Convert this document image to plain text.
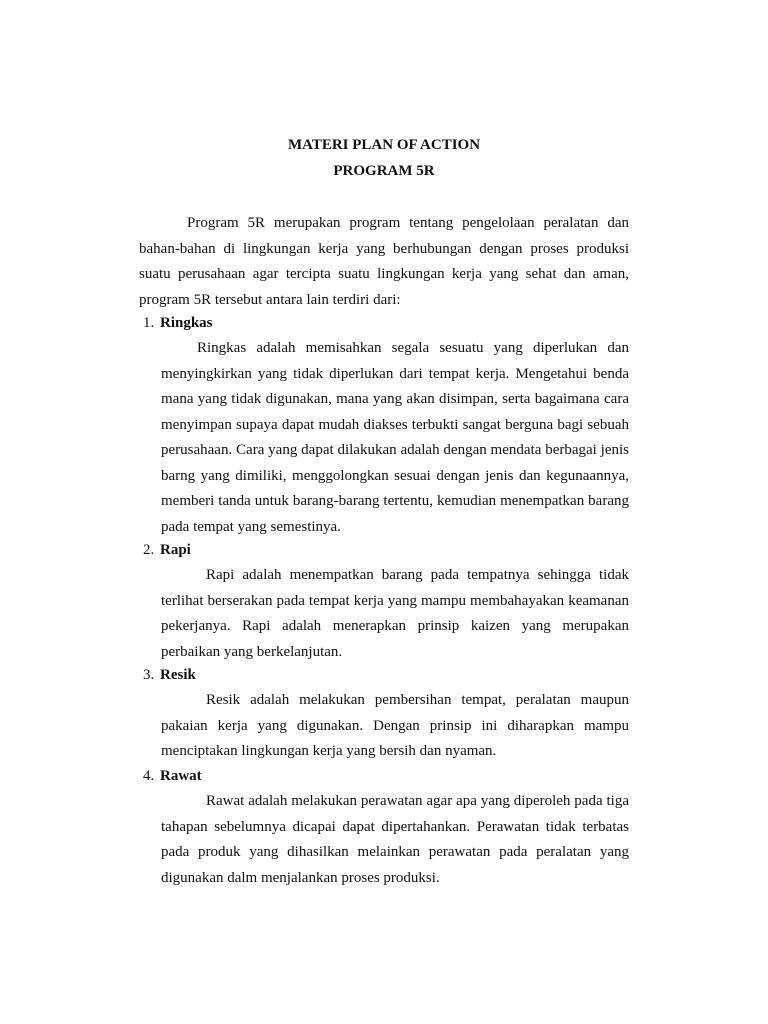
MATERI PLAN OF ACTION
PROGRAM 5R

Program 5R merupakan program tentang pengelolaan peralatan dan bahan-bahan di lingkungan kerja yang berhubungan dengan proses produksi suatu perusahaan agar tercipta suatu lingkungan kerja yang sehat dan aman, program 5R tersebut antara lain terdiri dari:

1. Ringkas

Ringkas adalah memisahkan segala sesuatu yang diperlukan dan menyingkirkan yang tidak diperlukan dari tempat kerja. Mengetahui benda mana yang tidak digunakan, mana yang akan disimpan, serta bagaimana cara menyimpan supaya dapat mudah diakses terbukti sangat berguna bagi sebuah perusahaan. Cara yang dapat dilakukan adalah dengan mendata berbagai jenis barng yang dimiliki, menggolongkan sesuai dengan jenis dan kegunaannya, memberi tanda untuk barang-barang tertentu, kemudian menempatkan barang pada tempat yang semestinya.

2. Rapi

Rapi adalah menempatkan barang pada tempatnya sehingga tidak terlihat berserakan pada tempat kerja yang mampu membahayakan keamanan pekerjanya. Rapi adalah menerapkan prinsip kaizen yang merupakan perbaikan yang berkelanjutan.

3. Resik

Resik adalah melakukan pembersihan tempat, peralatan maupun pakaian kerja yang digunakan. Dengan prinsip ini diharapkan mampu menciptakan lingkungan kerja yang bersih dan nyaman.

4. Rawat

Rawat adalah melakukan perawatan agar apa yang diperoleh pada tiga tahapan sebelumnya dicapai dapat dipertahankan. Perawatan tidak terbatas pada produk yang dihasilkan melainkan perawatan pada peralatan yang digunakan dalm menjalankan proses produksi.
